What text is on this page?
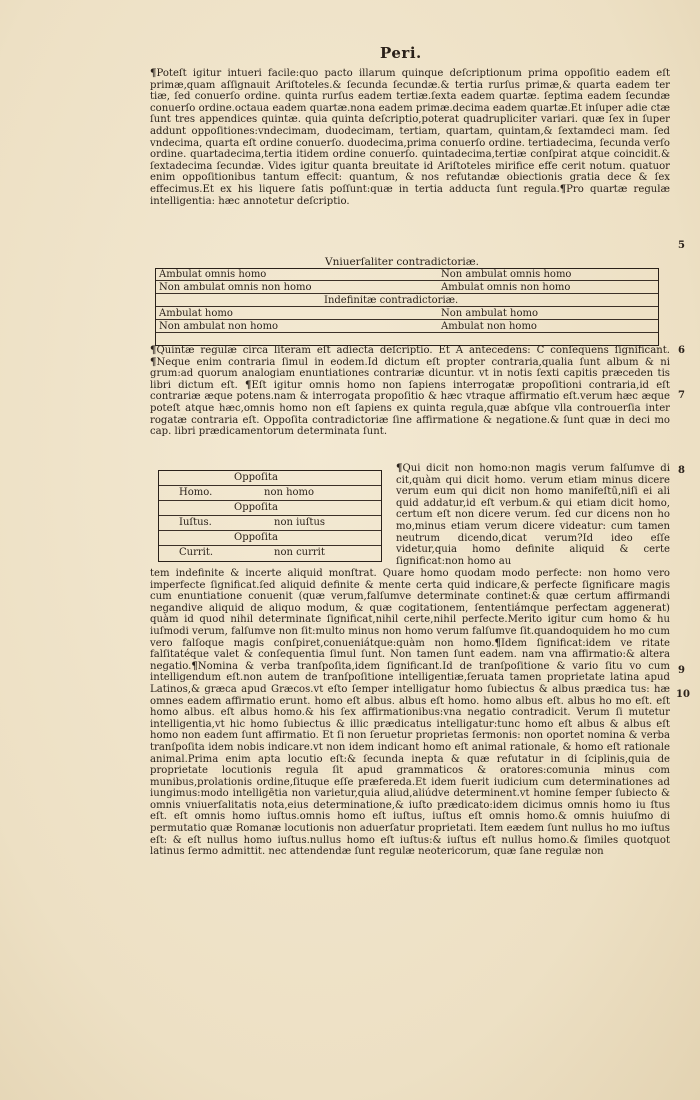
Peri.

¶Poteſt igitur intueri facile:quo pacto illarum quinque deſcriptionum prima oppoſitio eadem eſt primæ,quam aſſignauit Ariſtoteles.& ſecunda ſecundæ.& tertia rurſus primæ,& quarta eadem ter tiæ, ſed conuerſo ordine. quinta rurſus eadem tertiæ.ſexta eadem quartæ. ſeptima eadem ſecundæ conuerſo ordine.octaua eadem quartæ.nona eadem primæ.decima eadem quartæ.Et inſuper adie ctæ ſunt tres appendices quintæ. quia quinta deſcriptio,poterat quadrupliciter variari. quæ ſex in ſuper addunt oppoſitiones:vndecimam, duodecimam, tertiam, quartam, quintam,& ſextamdeci mam. ſed vndecima, quarta eſt ordine conuerſo. duodecima,prima conuerſo ordine. tertiadecima, ſecunda verſo ordine. quartadecima,tertia itidem ordine conuerſo. quintadecima,tertiæ conſpirat atque coincidit.& ſextadecima ſecundæ. Vides igitur quanta breuitate id Ariſtoteles mirifice effe cerit notum. quatuor enim oppoſitionibus tantum effecit: quantum, & nos refutandæ obiectionis gratia dece & ſex effecimus.Et ex his liquere ſatis poſſunt:quæ in tertia adducta ſunt regula.¶Pro quartæ regulæ intelligentia: hæc annotetur deſcriptio.

5
Vniuerſaliter contradictoriæ.
Ambulat omnis homo	Non ambulat omnis homo
Non ambulat omnis non homo	Ambulat omnis non homo
Indefinitæ contradictoriæ.
Ambulat homo	Non ambulat homo
Non ambulat non homo	Ambulat non homo

¶Quintæ regulæ circa literam eſt adiecta deſcriptio. Et A antecedens: C conſequens ſignificant. ¶Neque enim contraria ſimul in eodem.Id dictum eſt propter contraria,qualia ſunt album & ni grum:ad quorum analogiam enuntiationes contrariæ dicuntur. vt in notis ſexti capitis præceden tis libri dictum eſt. ¶Eſt igitur omnis homo non ſapiens interrogatæ propoſitioni contraria,id eſt contrariæ æque potens.nam & interrogata propoſitio & hæc vtraque affirmatio eſt.verum hæc æque poteſt atque hæc,omnis homo non eſt ſapiens ex quinta regula,quæ abſque vlla controuerſia inter rogatæ contraria eſt. Oppoſita contradictoriæ ſine affirmatione & negatione.& ſunt quæ in deci mo cap. libri prædicamentorum determinata ſunt.

6
7
Oppoſita
Homo.	non homo
Oppoſita
Iuſtus.	non iuſtus
Oppoſita
Currit.	non currit

¶Qui dicit non homo:non magis verum falſumve di cit,quàm qui dicit homo. verum etiam minus dicere verum eum qui dicit non homo manifeſtū,niſi ei ali quid addatur,id eſt verbum.& qui etiam dicit homo, certum eſt non dicere verum. ſed cur dicens non ho mo,minus etiam verum dicere videatur: cum tamen neutrum dicendo,dicat verum?Id ideo eſſe videtur,quia homo definite aliquid & certe ſignificat:non homo au

8

tem indefinite & incerte aliquid monſtrat. Quare homo quodam modo perfecte: non homo vero imperfecte ſignificat.ſed aliquid definite & mente certa quid indicare,& perfecte ſignificare magis cum enuntiatione conuenit (quæ verum,falſumve determinate continet:& quæ certum affirmandi negandive aliquid de aliquo modum, & quæ cogitationem, ſententiámque perfectam aggenerat) quàm id quod nihil determinate ſignificat,nihil certe,nihil perfecte.Merito igitur cum homo & hu iuſmodi verum, falſumve non ſit:multo minus non homo verum falſumve ſit.quandoquidem ho mo cum vero falſoque magis conſpiret,conueniátque:quàm non homo.¶Idem ſignificat:idem ve ritate falſitatéque valet & conſequentia ſimul ſunt. Non tamen ſunt eadem. nam vna affirmatio:& altera negatio.¶Nomina & verba tranſpoſita,idem ſignificant.Id de tranſpoſitione & vario ſitu vo cum intelligendum eſt.non autem de tranſpoſitione intelligentiæ,ſeruata tamen proprietate latina apud Latinos,& græca apud Græcos.vt eſto ſemper intelligatur homo ſubiectus & albus prædica tus: hæ omnes eadem affirmatio erunt. homo eſt albus. albus eſt homo. homo albus eſt. albus ho mo eſt. eſt homo albus. eſt albus homo.& his ſex affirmationibus:vna negatio contradicit. Verum ſi mutetur intelligentia,vt hic homo ſubiectus & illic prædicatus intelligatur:tunc homo eſt albus & albus eſt homo non eadem ſunt affirmatio. Et ſi non ſeruetur proprietas ſermonis: non oportet nomina & verba tranſpoſita idem nobis indicare.vt non idem indicant homo eſt animal rationale, & homo eſt rationale animal.Prima enim apta locutio eſt:& ſecunda inepta & quæ refutatur in di ſciplinis,quia de proprietate locutionis regula ſit apud grammaticos & oratores:comunia minus com munibus,prolationis ordine,ſituque eſſe præfereda.Et idem fuerit iudicium cum determinationes ad iungimus:modo intelligētia non varietur,quia aliud,aliúdve determinent.vt homine ſemper ſubiecto & omnis vniuerſalitatis nota,eius determinatione,& iuſto prædicato:idem dicimus omnis homo iu ſtus eſt. eſt omnis homo iuſtus.omnis homo eſt iuſtus, iuſtus eſt omnis homo.& omnis huiuſmo di permutatio quæ Romanæ locutionis non aduerſatur proprietati. Item eædem ſunt nullus ho mo iuſtus eſt: & eſt nullus homo iuſtus.nullus homo eſt iuſtus:& iuſtus eſt nullus homo.& ſimiles quotquot latinus ſermo admittit. nec attendendæ ſunt regulæ neotericorum, quæ ſane regulæ non

9
10
